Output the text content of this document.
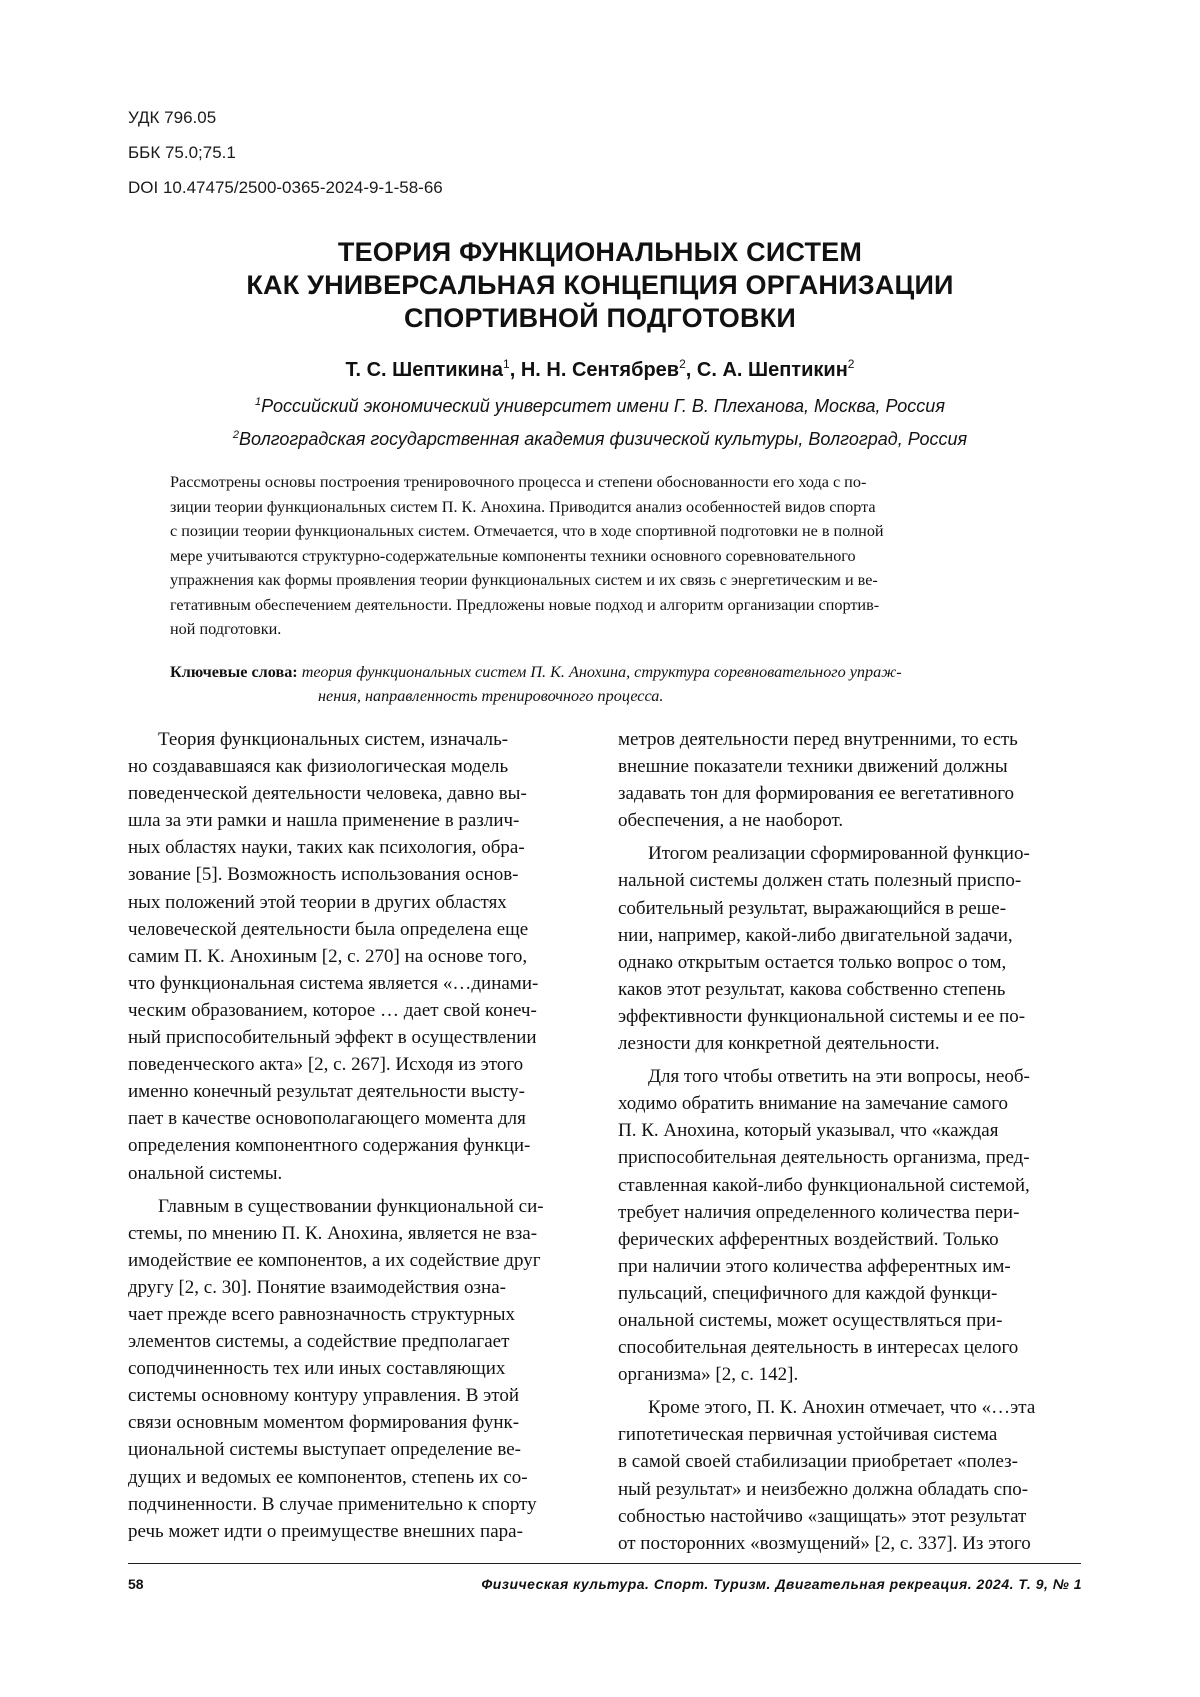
УДК 796.05
ББК 75.0;75.1
DOI 10.47475/2500-0365-2024-9-1-58-66
ТЕОРИЯ ФУНКЦИОНАЛЬНЫХ СИСТЕМ
КАК УНИВЕРСАЛЬНАЯ КОНЦЕПЦИЯ ОРГАНИЗАЦИИ
СПОРТИВНОЙ ПОДГОТОВКИ
Т. С. Шептикина$^1$, Н. Н. Сентябрев$^2$, С. А. Шептикин$^2$
$^1$Российский экономический университет имени Г. В. Плеханова, Москва, Россия
$^2$Волгоградская государственная академия физической культуры, Волгоград, Россия
Рассмотрены основы построения тренировочного процесса и степени обоснованности его хода с по-
зиции теории функциональных систем П. К. Анохина. Приводится анализ особенностей видов спорта
с позиции теории функциональных систем. Отмечается, что в ходе спортивной подготовки не в полной
мере учитываются структурно-содержательные компоненты техники основного соревновательного
упражнения как формы проявления теории функциональных систем и их связь с энергетическим и ве-
гетативным обеспечением деятельности. Предложены новые подход и алгоритм организации спортив-
ной подготовки.
Ключевые слова: теория функциональных систем П. К. Анохина, структура соревновательного упраж-
нения, направленность тренировочного процесса.
Теория функциональных систем, изначаль-
но создававшаяся как физиологическая модель
поведенческой деятельности человека, давно вы-
шла за эти рамки и нашла применение в различ-
ных областях науки, таких как психология, обра-
зование [5]. Возможность использования основ-
ных положений этой теории в других областях
человеческой деятельности была определена еще
самим П. К. Анохиным [2, с. 270] на основе того,
что функциональная система является «…динами-
ческим образованием, которое … дает свой конеч-
ный приспособительный эффект в осуществлении
поведенческого акта» [2, с. 267]. Исходя из этого
именно конечный результат деятельности высту-
пает в качестве основополагающего момента для
определения компонентного содержания функци-
ональной системы.
Главным в существовании функциональной си-
стемы, по мнению П. К. Анохина, является не вза-
имодействие ее компонентов, а их содействие друг
другу [2, с. 30]. Понятие взаимодействия озна-
чает прежде всего равнозначность структурных
элементов системы, а содействие предполагает
соподчиненность тех или иных составляющих
системы основному контуру управления. В этой
связи основным моментом формирования функ-
циональной системы выступает определение ве-
дущих и ведомых ее компонентов, степень их со-
подчиненности. В случае применительно к спорту
речь может идти о преимуществе внешних пара-
метров деятельности перед внутренними, то есть
внешние показатели техники движений должны
задавать тон для формирования ее вегетативного
обеспечения, а не наоборот.
Итогом реализации сформированной функцио-
нальной системы должен стать полезный приспо-
собительный результат, выражающийся в реше-
нии, например, какой-либо двигательной задачи,
однако открытым остается только вопрос о том,
каков этот результат, какова собственно степень
эффективности функциональной системы и ее по-
лезности для конкретной деятельности.
Для того чтобы ответить на эти вопросы, необ-
ходимо обратить внимание на замечание самого
П. К. Анохина, который указывал, что «каждая
приспособительная деятельность организма, пред-
ставленная какой-либо функциональной системой,
требует наличия определенного количества пери-
ферических афферентных воздействий. Только
при наличии этого количества афферентных им-
пульсаций, специфичного для каждой функци-
ональной системы, может осуществляться при-
способительная деятельность в интересах целого
организма» [2, с. 142].
Кроме этого, П. К. Анохин отмечает, что «…эта
гипотетическая первичная устойчивая система
в самой своей стабилизации приобретает «полез-
ный результат» и неизбежно должна обладать спо-
собностью настойчиво «защищать» этот результат
от посторонних «возмущений» [2, с. 337]. Из этого
58	Физическая культура. Спорт. Туризм. Двигательная рекреация. 2024. Т. 9, № 1
